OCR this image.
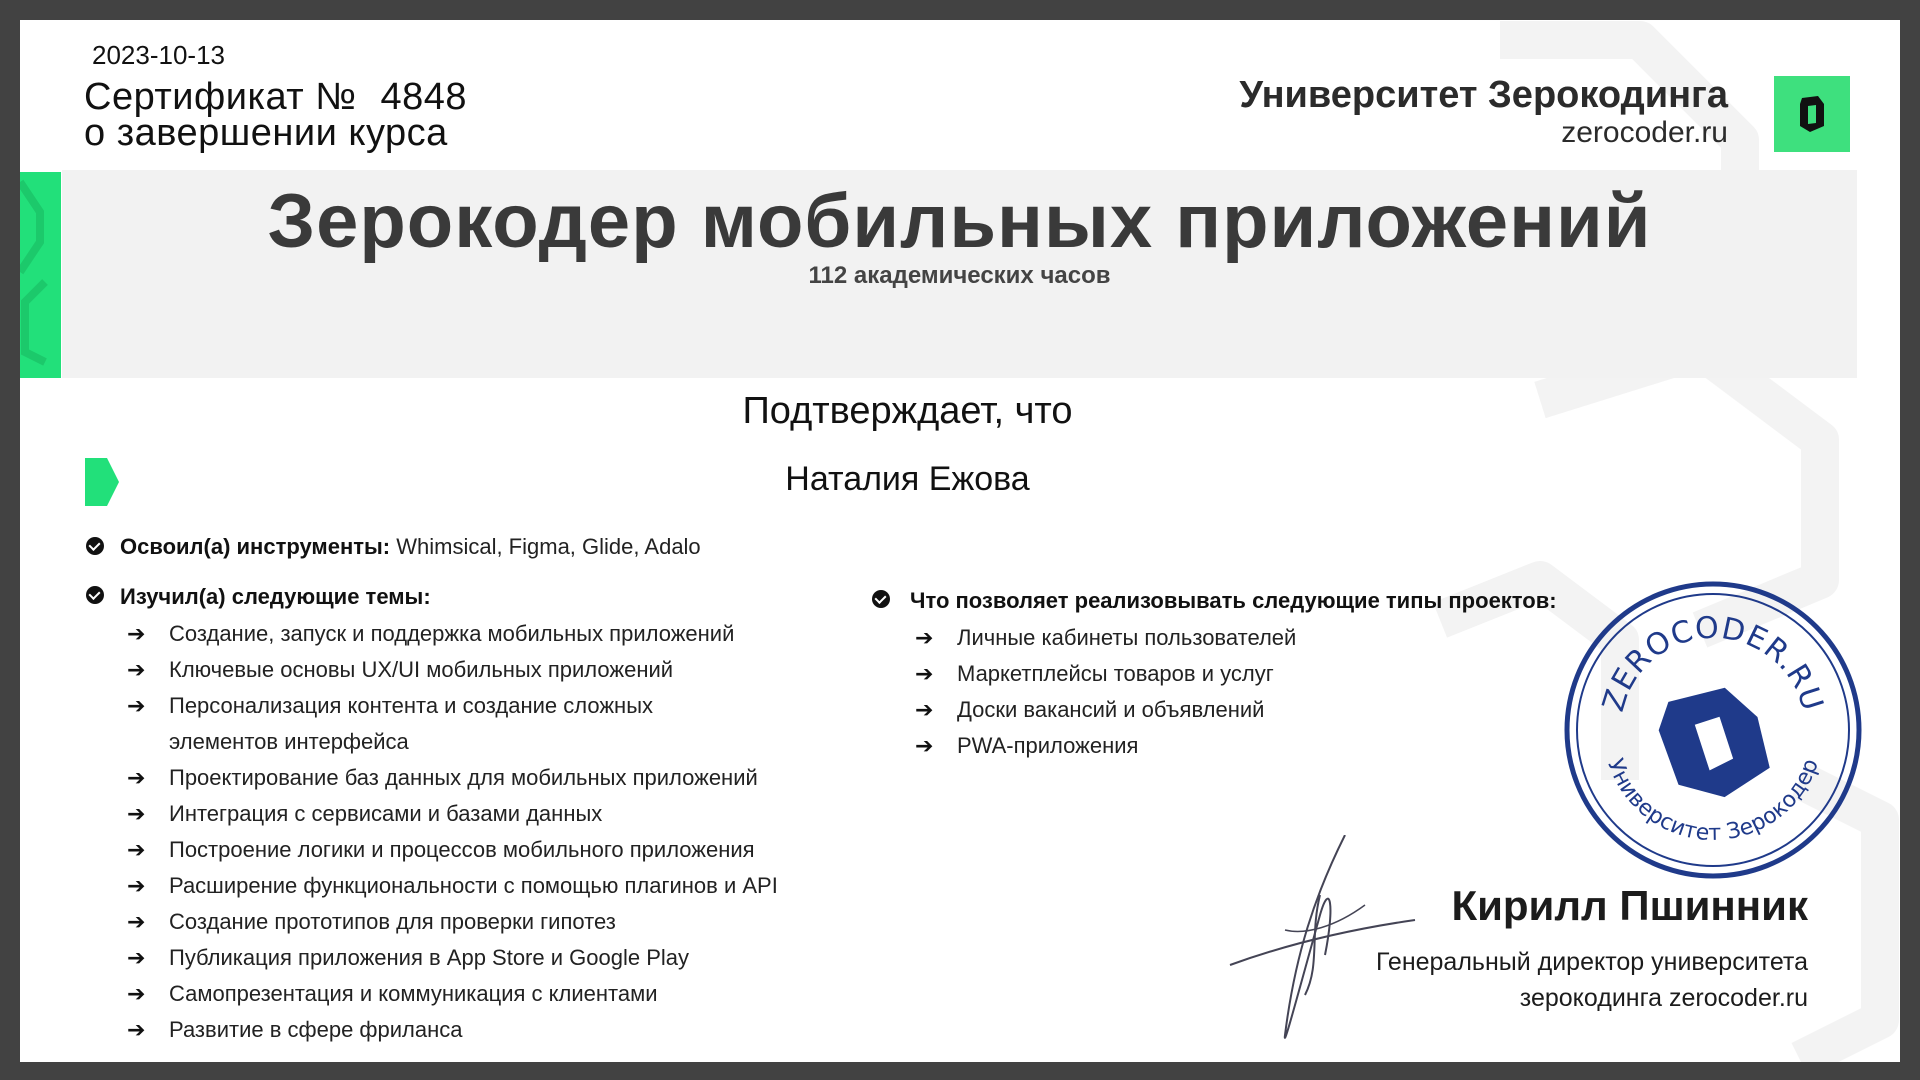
2023-10-13
Сертификат № 4848
о завершении курса
Университет Зерокодинга
zerocoder.ru
Зерокодер мобильных приложений
112 академических часов
Подтверждает, что
Наталия Ежова
Освоил(а) инструменты: Whimsical, Figma, Glide, Adalo
Изучил(а) следующие темы:
➔ Создание, запуск и поддержка мобильных приложений
➔ Ключевые основы UX/UI мобильных приложений
➔ Персонализация контента и создание сложных элементов интерфейса
➔ Проектирование баз данных для мобильных приложений
➔ Интеграция с сервисами и базами данных
➔ Построение логики и процессов мобильного приложения
➔ Расширение функциональности с помощью плагинов и API
➔ Создание прототипов для проверки гипотез
➔ Публикация приложения в App Store и Google Play
➔ Самопрезентация и коммуникация с клиентами
➔ Развитие в сфере фриланса
Что позволяет реализовывать следующие типы проектов:
➔ Личные кабинеты пользователей
➔ Маркетплейсы товаров и услуг
➔ Доски вакансий и объявлений
➔ PWA-приложения
ZEROCODER.RU
Университет Зерокодер
Кирилл Пшинник
Генеральный директор университета
зерокодинга zerocoder.ru
